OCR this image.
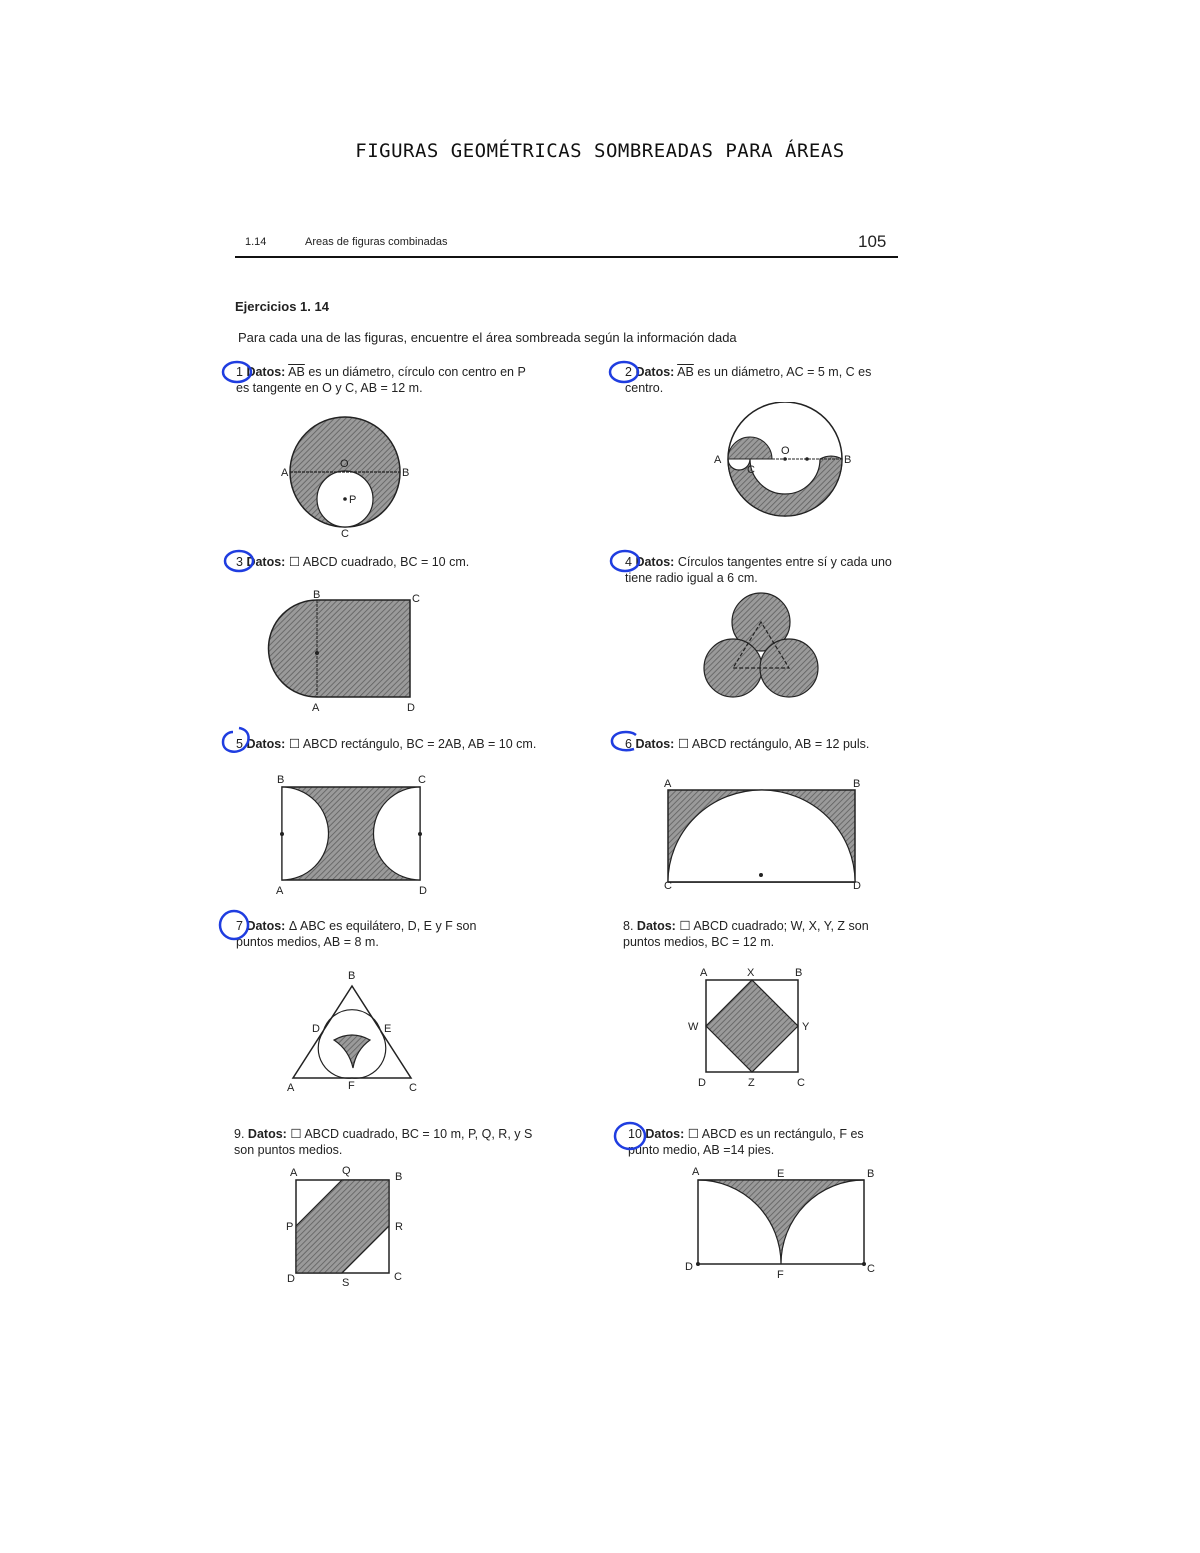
FIGURAS GEOMÉTRICAS SOMBREADAS PARA ÁREAS
1.14	Areas de figuras combinadas	105
Ejercicios 1. 14
Para cada una de las figuras, encuentre el área sombreada según la información dada
1 Datos: $\overline{AB}$ es un diámetro, círculo con centro en P es tangente en O y C, AB = 12 m.
A	B
O
P
C
2 Datos: $\overline{AB}$ es un diámetro, AC = 5 m, C es centro.
A
O
B
C
3 Datos: ☐ ABCD cuadrado, BC = 10 cm.
B	C
A	D
4 Datos: Círculos tangentes entre sí y cada uno tiene radio igual a 6 cm.
5 Datos: ☐ ABCD rectángulo, BC = 2AB, AB = 10 cm.
B	C
A	D
6 Datos: ☐ ABCD rectángulo, AB = 12 puls.
A	B
C	D
7 Datos: Δ ABC es equilátero, D, E y F son puntos medios, AB = 8 m.
B
D	E
A	F	C
8. Datos: ☐ ABCD cuadrado; W, X, Y, Z son puntos medios, BC = 12 m.
A	X	B
W	Y
D	Z	C
9. Datos: ☐ ABCD cuadrado, BC = 10 m, P, Q, R, y S son puntos medios.
A	Q	B
P	R
D	S	C
10 Datos: ☐ ABCD es un rectángulo, F es punto medio, AB =14 pies.
A	E	B
D
F	C
